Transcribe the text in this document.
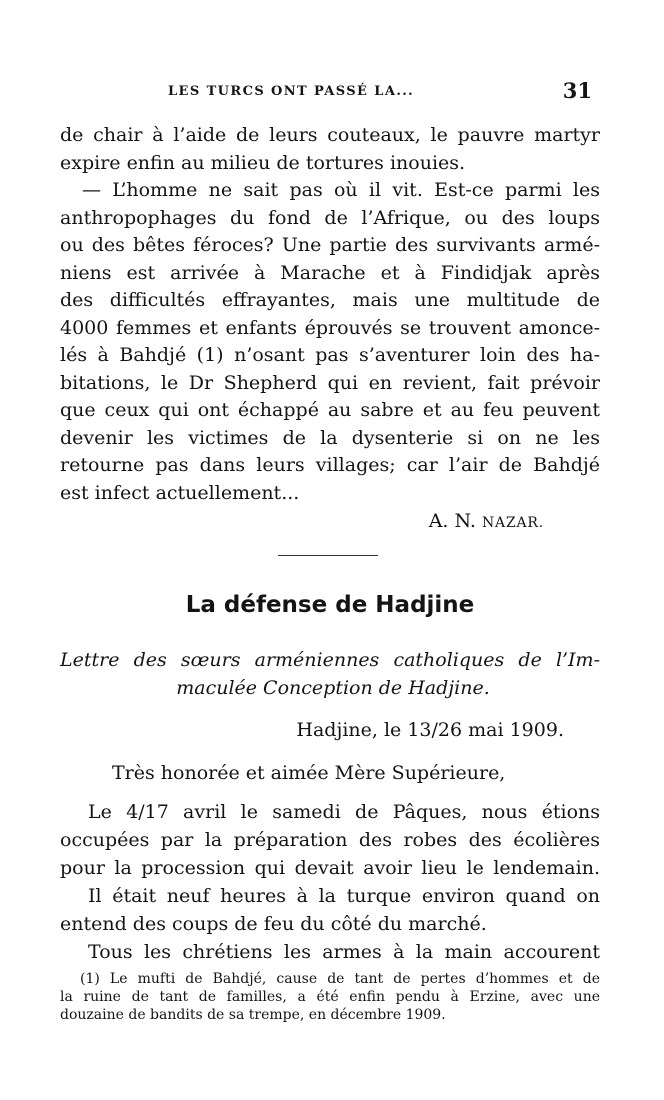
LES TURCS ONT PASSÉ LA...	31
de chair à l’aide de leurs couteaux, le pauvre martyr
expire enfin au milieu de tortures inouies.
— L’homme ne sait pas où il vit. Est-ce parmi les
anthropophages du fond de l’Afrique, ou des loups
ou des bêtes féroces? Une partie des survivants armé-
niens est arrivée à Marache et à Findidjak après
des difficultés effrayantes, mais une multitude de
4000 femmes et enfants éprouvés se trouvent amonce-
lés à Bahdjé (1) n’osant pas s’aventurer loin des ha-
bitations, le Dr Shepherd qui en revient, fait prévoir
que ceux qui ont échappé au sabre et au feu peuvent
devenir les victimes de la dysenterie si on ne les
retourne pas dans leurs villages; car l’air de Bahdjé
est infect actuellement...
A. N. NAZAR.
La défense de Hadjine
Lettre des sœurs arméniennes catholiques de l’Im-
maculée Conception de Hadjine.
Hadjine, le 13/26 mai 1909.
Très honorée et aimée Mère Supérieure,
Le 4/17 avril le samedi de Pâques, nous étions
occupées par la préparation des robes des écolières
pour la procession qui devait avoir lieu le lendemain.
Il était neuf heures à la turque environ quand on
entend des coups de feu du côté du marché.
Tous les chrétiens les armes à la main accourent
(1) Le mufti de Bahdjé, cause de tant de pertes d’hommes et de
la ruine de tant de familles, a été enfin pendu à Erzine, avec une
douzaine de bandits de sa trempe, en décembre 1909.
